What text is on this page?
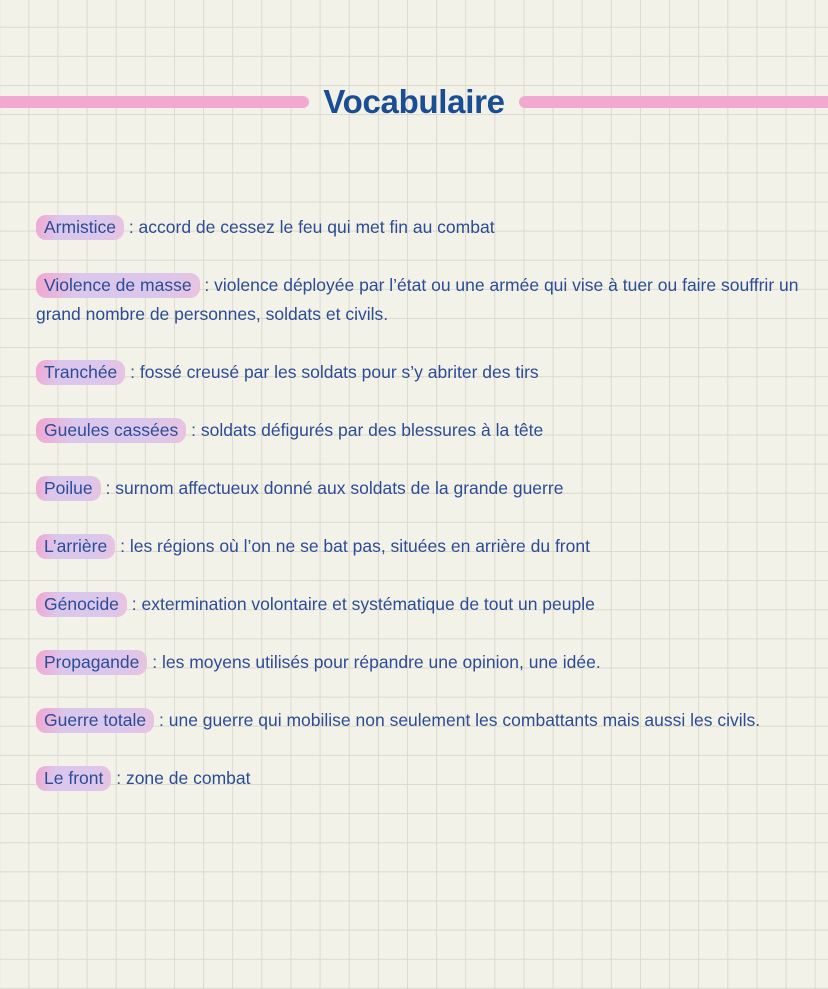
Vocabulaire

Armistice : accord de cessez le feu qui met fin au combat

Violence de masse : violence déployée par l’état ou une armée qui vise à tuer ou faire souffrir un grand nombre de personnes, soldats et civils.

Tranchée : fossé creusé par les soldats pour s’y abriter des tirs

Gueules cassées : soldats défigurés par des blessures à la tête

Poilue : surnom affectueux donné aux soldats de la grande guerre

L’arrière : les régions où l’on ne se bat pas, situées en arrière du front

Génocide : extermination volontaire et systématique de tout un peuple

Propagande : les moyens utilisés pour répandre une opinion, une idée.

Guerre totale : une guerre qui mobilise non seulement les combattants mais aussi les civils.

Le front : zone de combat
